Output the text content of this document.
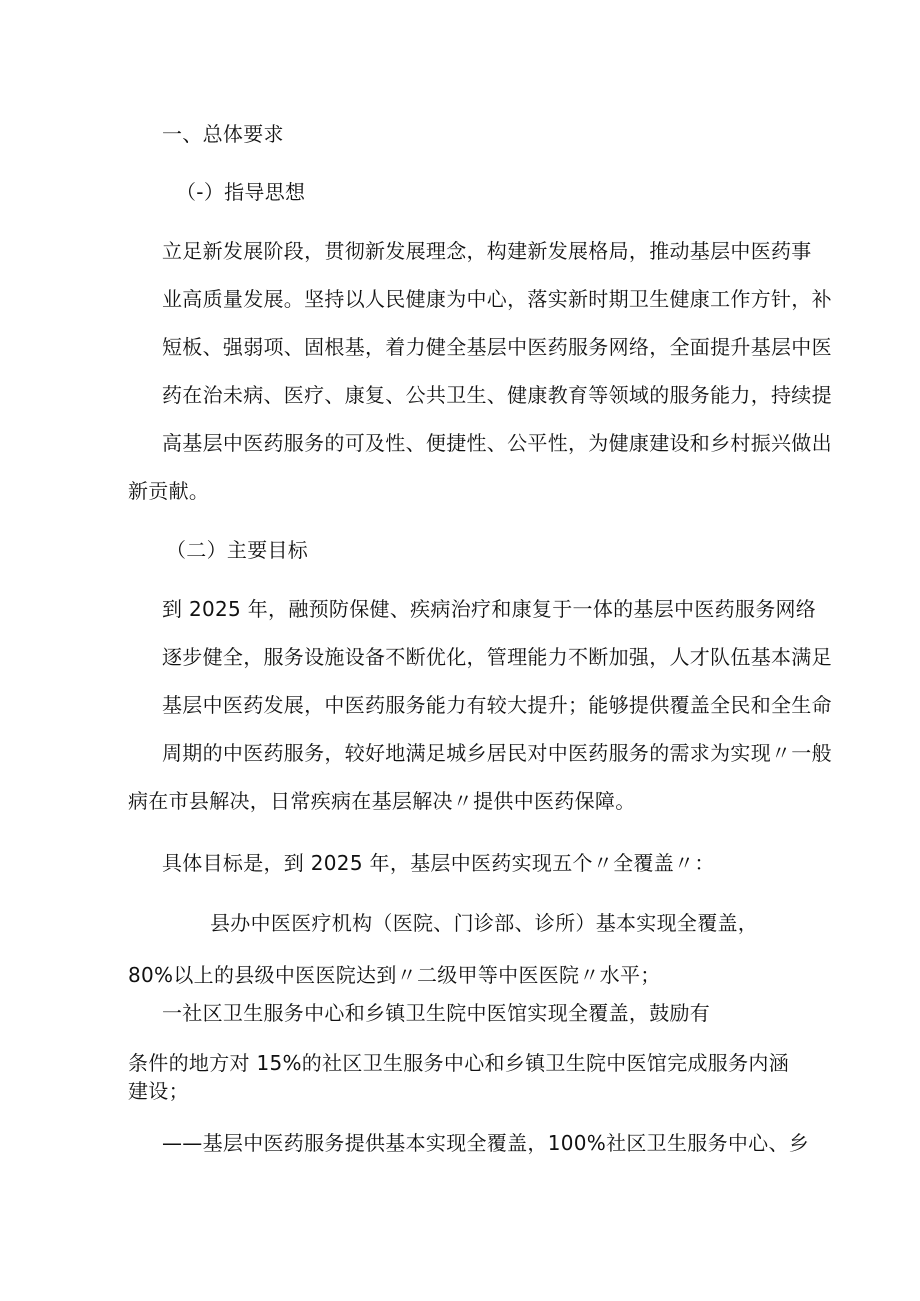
一、总体要求
（-）指导思想
立足新发展阶段，贯彻新发展理念，构建新发展格局，推动基层中医药事
业高质量发展。坚持以人民健康为中心，落实新时期卫生健康工作方针，补
短板、强弱项、固根基，着力健全基层中医药服务网络，全面提升基层中医
药在治未病、医疗、康复、公共卫生、健康教育等领域的服务能力，持续提
高基层中医药服务的可及性、便捷性、公平性，为健康建设和乡村振兴做出
新贡献。
（二）主要目标
到 2025 年，融预防保健、疾病治疗和康复于一体的基层中医药服务网络
逐步健全，服务设施设备不断优化，管理能力不断加强，人才队伍基本满足
基层中医药发展，中医药服务能力有较大提升；能够提供覆盖全民和全生命
周期的中医药服务，较好地满足城乡居民对中医药服务的需求为实现〃一般
病在市县解决，日常疾病在基层解决〃提供中医药保障。
具体目标是，到 2025 年，基层中医药实现五个〃全覆盖〃：
县办中医医疗机构（医院、门诊部、诊所）基本实现全覆盖，
80%以上的县级中医医院达到〃二级甲等中医医院〃水平；
一社区卫生服务中心和乡镇卫生院中医馆实现全覆盖，鼓励有
条件的地方对 15%的社区卫生服务中心和乡镇卫生院中医馆完成服务内涵
建设；
——基层中医药服务提供基本实现全覆盖，100%社区卫生服务中心、乡
